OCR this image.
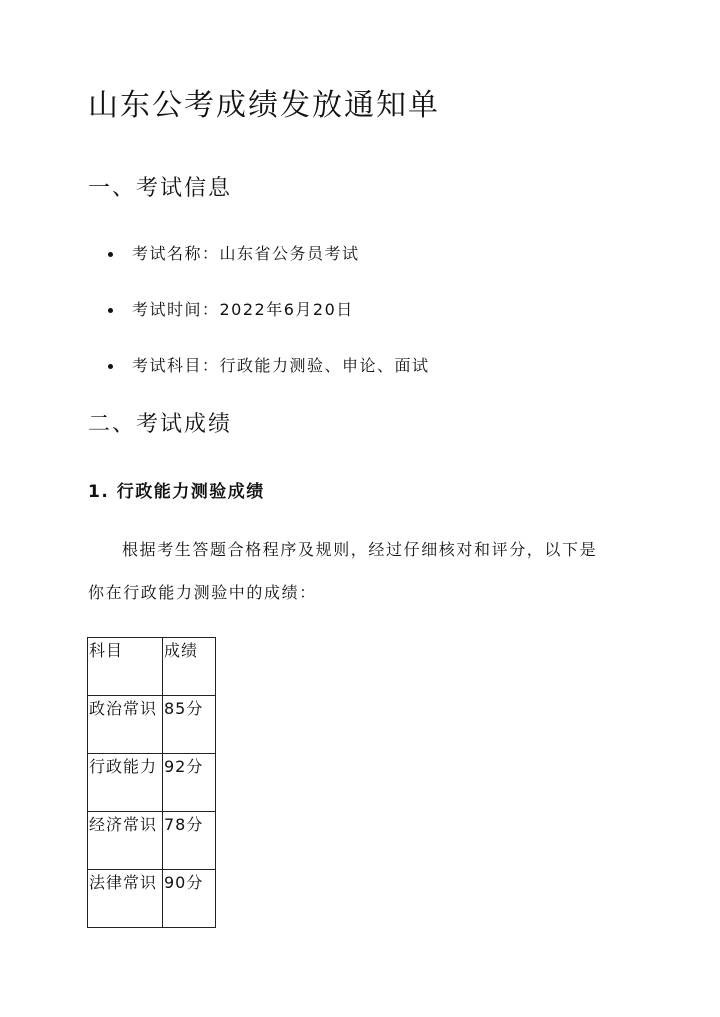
山东公考成绩发放通知单
一、考试信息
考试名称：山东省公务员考试
考试时间：2022年6月20日
考试科目：行政能力测验、申论、面试
二、考试成绩
1. 行政能力测验成绩

根据考生答题合格程序及规则，经过仔细核对和评分，以下是

你在行政能力测验中的成绩：

科目	成绩
政治常识	85分
行政能力	92分
经济常识	78分
法律常识	90分
